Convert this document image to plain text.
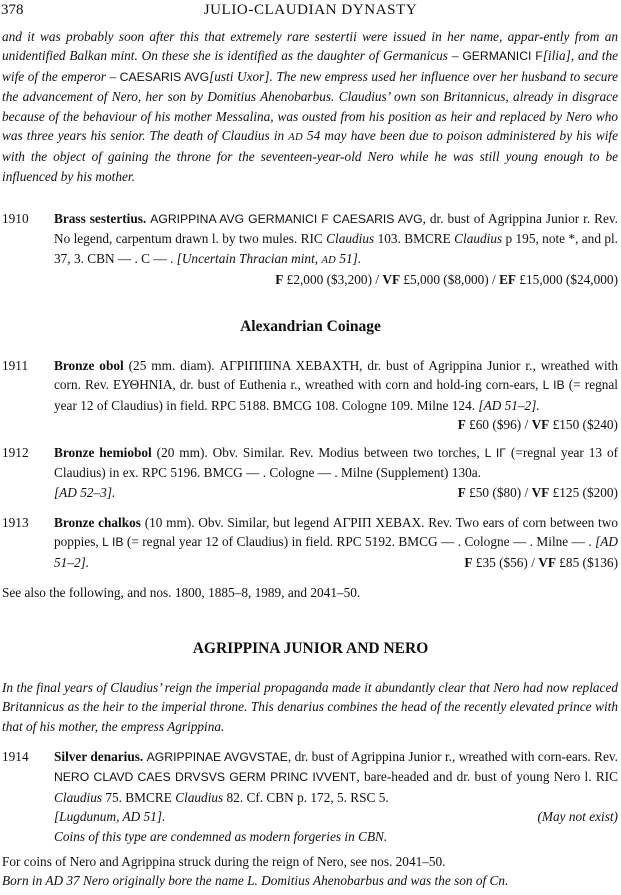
378	JULIO-CLAUDIAN DYNASTY
and it was probably soon after this that extremely rare sestertii were issued in her name, appar-ently from an unidentified Balkan mint. On these she is identified as the daughter of Germanicus – GERMANICI F[ilia], and the wife of the emperor – CAESARIS AVG[usti Uxor]. The new empress used her influence over her husband to secure the advancement of Nero, her son by Domitius Ahenobarbus. Claudius’ own son Britannicus, already in disgrace because of the behaviour of his mother Messalina, was ousted from his position as heir and replaced by Nero who was three years his senior. The death of Claudius in AD 54 may have been due to poison administered by his wife with the object of gaining the throne for the seventeen-year-old Nero while he was still young enough to be influenced by his mother.
1910	Brass sestertius. AGRIPPINA AVG GERMANICI F CAESARIS AVG, dr. bust of Agrippina Junior r. Rev. No legend, carpentum drawn l. by two mules. RIC Claudius 103. BMCRE Claudius p 195, note *, and pl. 37, 3. CBN — . C — . [Uncertain Thracian mint, AD 51].
F £2,000 ($3,200) / VF £5,000 ($8,000) / EF £15,000 ($24,000)
Alexandrian Coinage
1911	Bronze obol (25 mm. diam). ΑΓΡΙΠΠΙΝΑ ΧΕΒΑΧΤΗ, dr. bust of Agrippina Junior r., wreathed with corn. Rev. ΕΥΘΗΝΙΑ, dr. bust of Euthenia r., wreathed with corn and hold-ing corn-ears, L IB (= regnal year 12 of Claudius) in field. RPC 5188. BMCG 108. Cologne 109. Milne 124. [AD 51–2].
F £60 ($96) / VF £150 ($240)
1912	Bronze hemiobol (20 mm). Obv. Similar. Rev. Modius between two torches, L IΓ (=regnal year 13 of Claudius) in ex. RPC 5196. BMCG — . Cologne — . Milne (Supplement) 130a.
[AD 52–3].	F £50 ($80) / VF £125 ($200)
1913	Bronze chalkos (10 mm). Obv. Similar, but legend ΑΓΡΙΠ ΧΕΒΑΧ. Rev. Two ears of corn between two poppies, L IB (= regnal year 12 of Claudius) in field. RPC 5192. BMCG — . Cologne — . Milne — . [AD 51–2].	F £35 ($56) / VF £85 ($136)
See also the following, and nos. 1800, 1885–8, 1989, and 2041–50.
AGRIPPINA JUNIOR AND NERO
In the final years of Claudius’ reign the imperial propaganda made it abundantly clear that Nero had now replaced Britannicus as the heir to the imperial throne. This denarius combines the head of the recently elevated prince with that of his mother, the empress Agrippina.
1914	Silver denarius. AGRIPPINAE AVGVSTAE, dr. bust of Agrippina Junior r., wreathed with corn-ears. Rev. NERO CLAVD CAES DRVSVS GERM PRINC IVVENT, bare-headed and dr. bust of young Nero l. RIC Claudius 75. BMCRE Claudius 82. Cf. CBN p. 172, 5. RSC 5.
[Lugdunum, AD 51].	(May not exist)
Coins of this type are condemned as modern forgeries in CBN.
For coins of Nero and Agrippina struck during the reign of Nero, see nos. 2041–50.
Born in AD 37 Nero originally bore the name L. Domitius Ahenobarbus and was the son of Cn.
